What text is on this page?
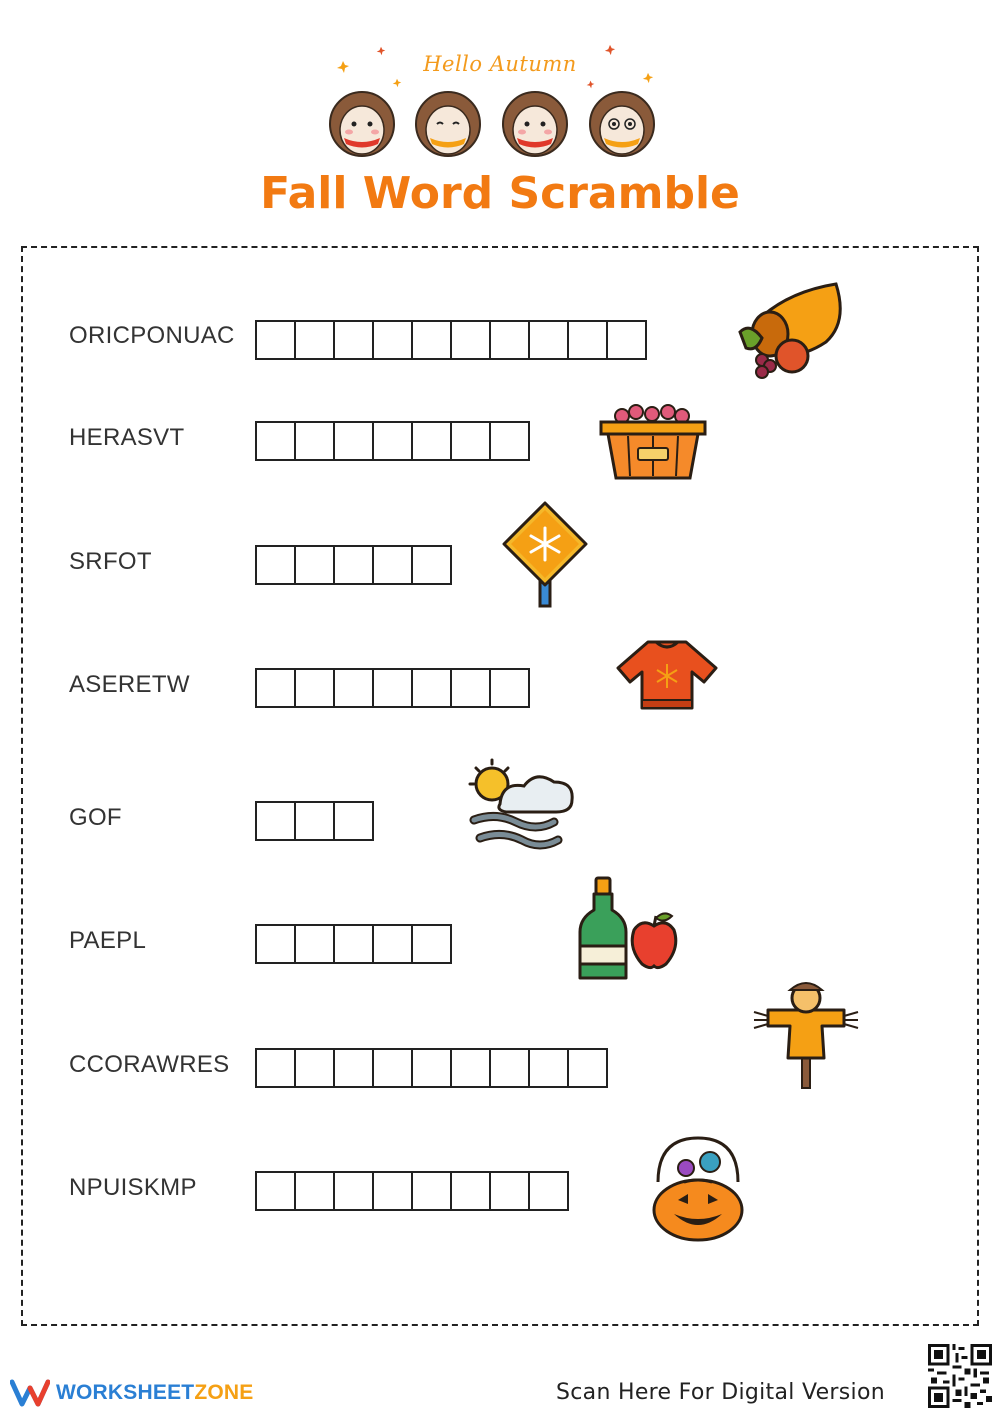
Hello Autumn
Fall Word Scramble
ORICPONUAC
HERASVT
SRFOT
ASERETW
GOF
PAEPL
CCORAWRES
NPUISKMP
WORKSHEETZONE	Scan Here For Digital Version
